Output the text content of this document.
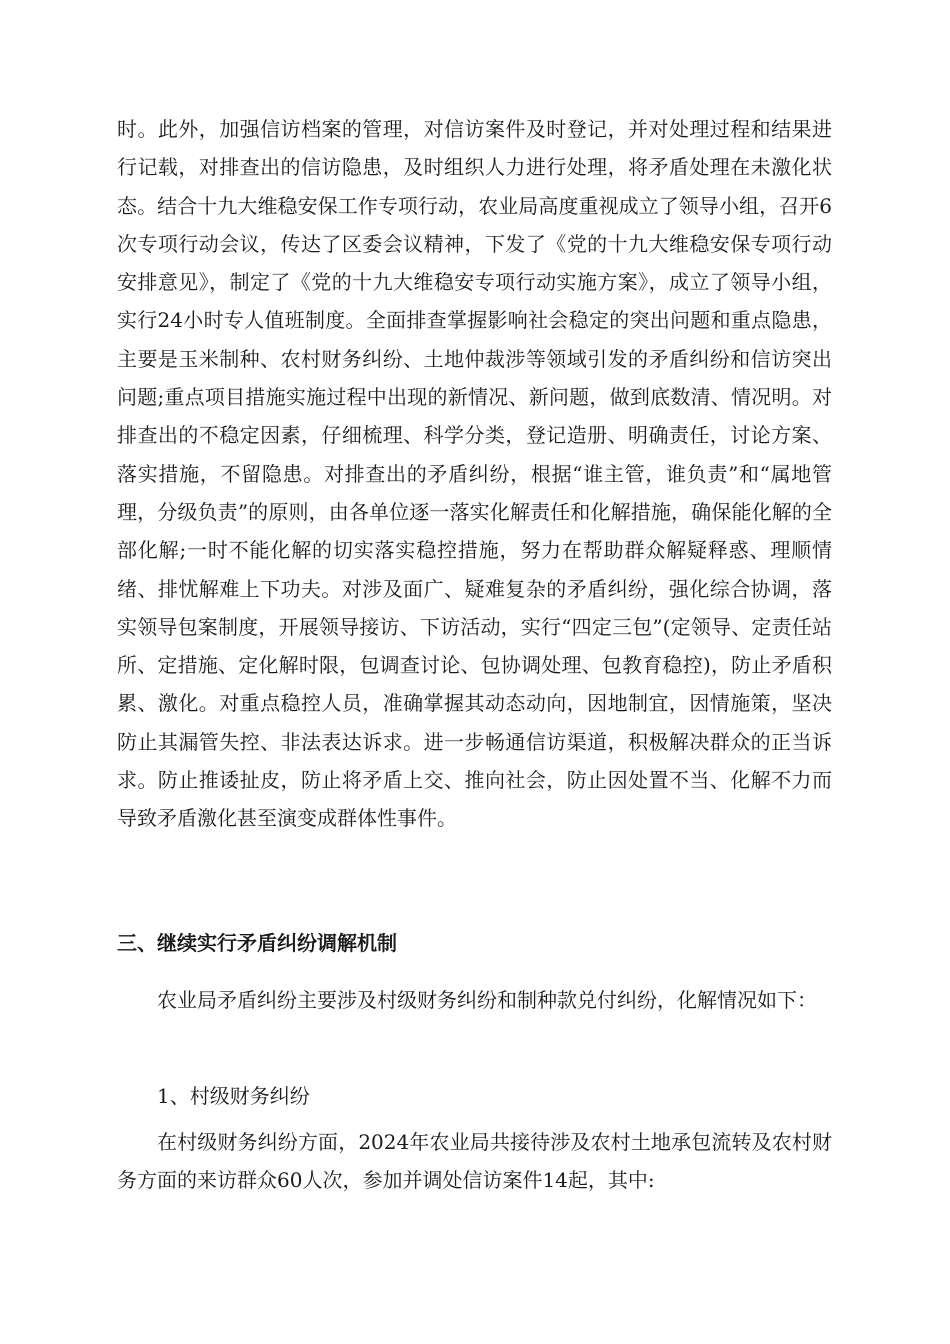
时。此外，加强信访档案的管理，对信访案件及时登记，并对处理过程和结果进行记载，对排查出的信访隐患，及时组织人力进行处理，将矛盾处理在未激化状态。结合十九大维稳安保工作专项行动，农业局高度重视成立了领导小组，召开6次专项行动会议，传达了区委会议精神，下发了《党的十九大维稳安保专项行动安排意见》，制定了《党的十九大维稳安专项行动实施方案》，成立了领导小组，实行24小时专人值班制度。全面排查掌握影响社会稳定的突出问题和重点隐患，主要是玉米制种、农村财务纠纷、土地仲裁涉等领域引发的矛盾纠纷和信访突出问题;重点项目措施实施过程中出现的新情况、新问题，做到底数清、情况明。对排查出的不稳定因素，仔细梳理、科学分类，登记造册、明确责任，讨论方案、落实措施，不留隐患。对排查出的矛盾纠纷，根据“谁主管，谁负责”和“属地管理，分级负责”的原则，由各单位逐一落实化解责任和化解措施，确保能化解的全部化解;一时不能化解的切实落实稳控措施，努力在帮助群众解疑释惑、理顺情绪、排忧解难上下功夫。对涉及面广、疑难复杂的矛盾纠纷，强化综合协调，落实领导包案制度，开展领导接访、下访活动，实行“四定三包”(定领导、定责任站所、定措施、定化解时限，包调查讨论、包协调处理、包教育稳控)，防止矛盾积累、激化。对重点稳控人员，准确掌握其动态动向，因地制宜，因情施策，坚决防止其漏管失控、非法表达诉求。进一步畅通信访渠道，积极解决群众的正当诉求。防止推诿扯皮，防止将矛盾上交、推向社会，防止因处置不当、化解不力而导致矛盾激化甚至演变成群体性事件。
三、继续实行矛盾纠纷调解机制
农业局矛盾纠纷主要涉及村级财务纠纷和制种款兑付纠纷，化解情况如下：
1、村级财务纠纷
在村级财务纠纷方面，2024年农业局共接待涉及农村土地承包流转及农村财务方面的来访群众60人次，参加并调处信访案件14起，其中:
